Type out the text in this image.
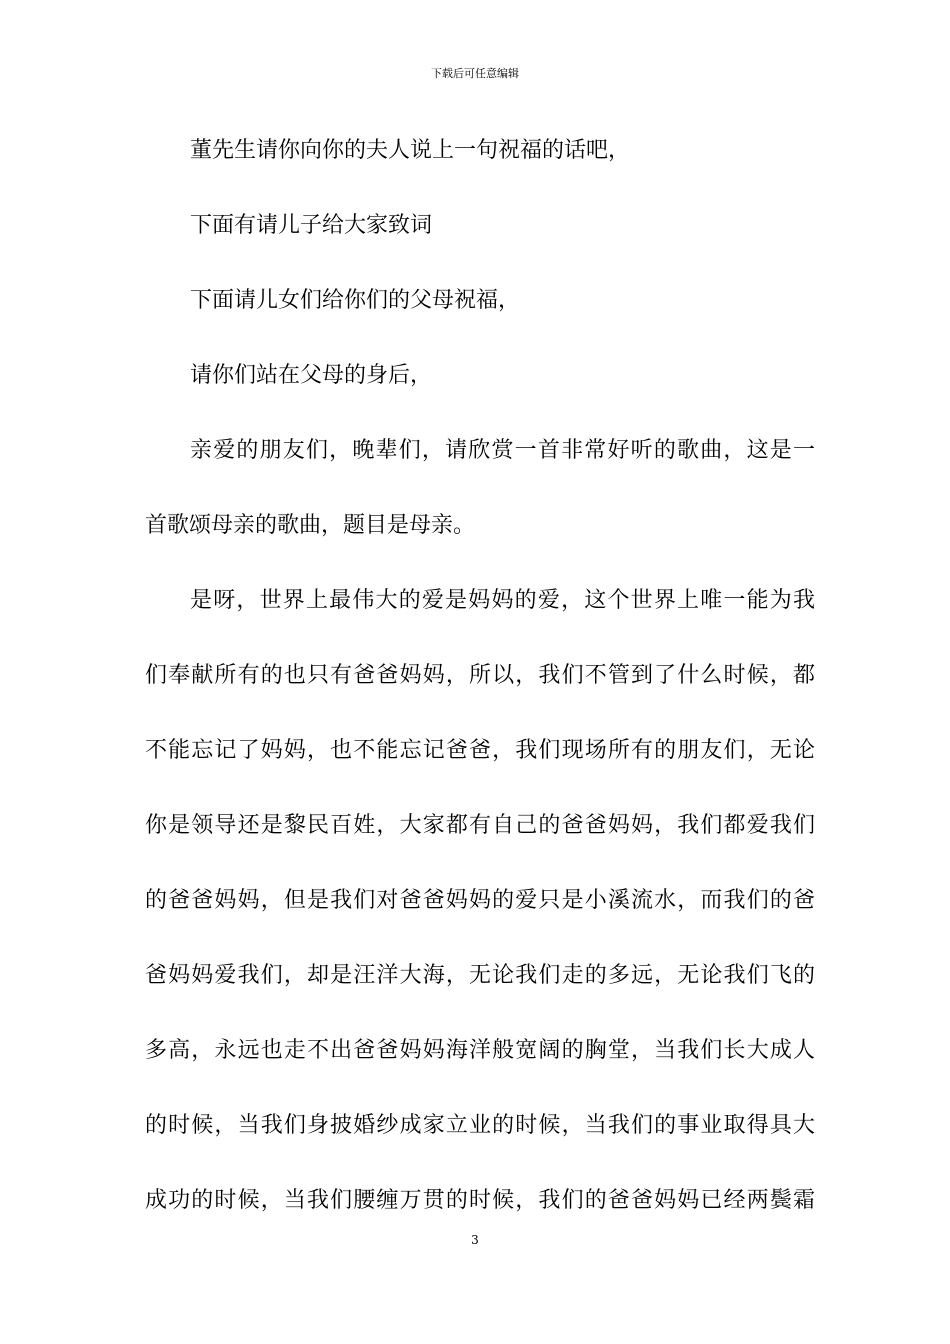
下载后可任意编辑
董先生请你向你的夫人说上一句祝福的话吧，
下面有请儿子给大家致词
下面请儿女们给你们的父母祝福，
请你们站在父母的身后，
亲爱的朋友们，晚辈们，请欣赏一首非常好听的歌曲，这是一
首歌颂母亲的歌曲，题目是母亲。
是呀，世界上最伟大的爱是妈妈的爱，这个世界上唯一能为我
们奉献所有的也只有爸爸妈妈，所以，我们不管到了什么时候，都
不能忘记了妈妈，也不能忘记爸爸，我们现场所有的朋友们，无论
你是领导还是黎民百姓，大家都有自己的爸爸妈妈，我们都爱我们
的爸爸妈妈，但是我们对爸爸妈妈的爱只是小溪流水，而我们的爸
爸妈妈爱我们，却是汪洋大海，无论我们走的多远，无论我们飞的
多高，永远也走不出爸爸妈妈海洋般宽阔的胸堂，当我们长大成人
的时候，当我们身披婚纱成家立业的时候，当我们的事业取得具大
成功的时候，当我们腰缠万贯的时候，我们的爸爸妈妈已经两鬓霜
3
